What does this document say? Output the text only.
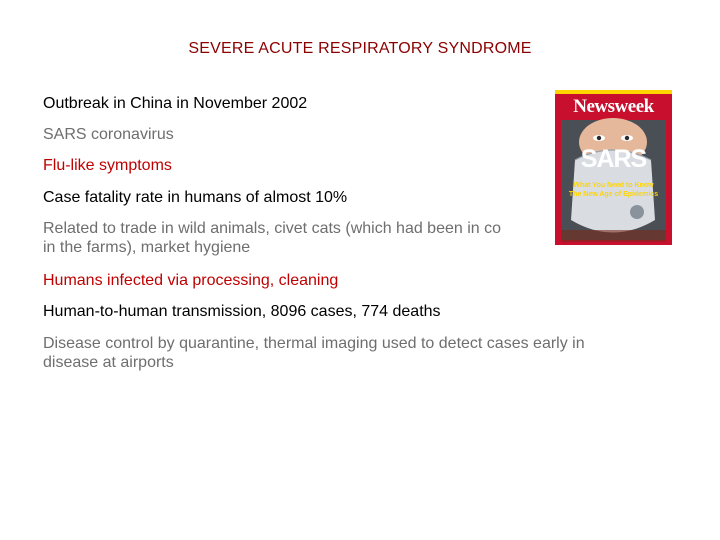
SEVERE ACUTE RESPIRATORY SYNDROME
Outbreak in China in November 2002
SARS coronavirus
Flu-like symptoms
Case fatality rate in humans of almost 10%
Related to trade in wild animals, civet cats (which had been in co
in the farms), market hygiene
Humans infected via processing, cleaning
Human-to-human transmission, 8096 cases, 774 deaths
Disease control by quarantine, thermal imaging used to detect cases early in
disease at airports
Newsweek
SARS
What You Need to Know
The New Age of Epidemics
